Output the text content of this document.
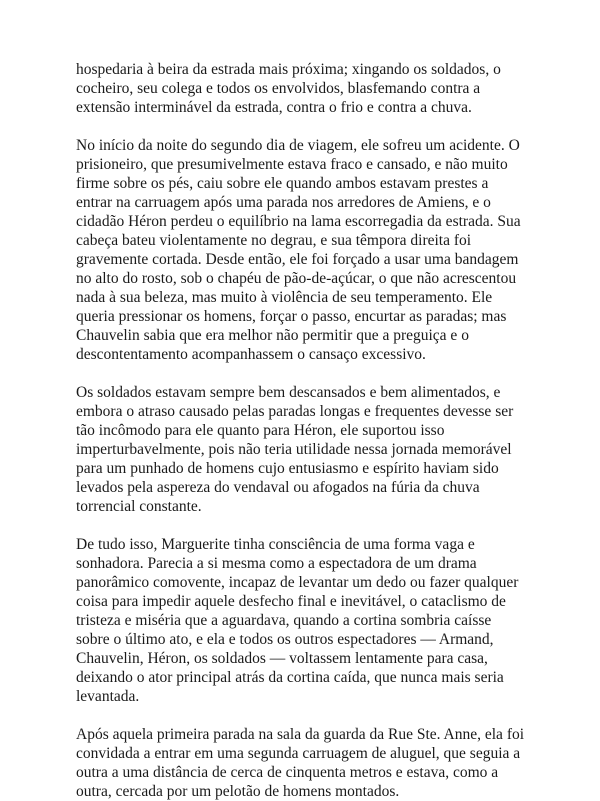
hospedaria à beira da estrada mais próxima; xingando os soldados, o cocheiro, seu colega e todos os envolvidos, blasfemando contra a extensão interminável da estrada, contra o frio e contra a chuva.

No início da noite do segundo dia de viagem, ele sofreu um acidente. O prisioneiro, que presumivelmente estava fraco e cansado, e não muito firme sobre os pés, caiu sobre ele quando ambos estavam prestes a entrar na carruagem após uma parada nos arredores de Amiens, e o cidadão Héron perdeu o equilíbrio na lama escorregadia da estrada. Sua cabeça bateu violentamente no degrau, e sua têmpora direita foi gravemente cortada. Desde então, ele foi forçado a usar uma bandagem no alto do rosto, sob o chapéu de pão-de-açúcar, o que não acrescentou nada à sua beleza, mas muito à violência de seu temperamento. Ele queria pressionar os homens, forçar o passo, encurtar as paradas; mas Chauvelin sabia que era melhor não permitir que a preguiça e o descontentamento acompanhassem o cansaço excessivo.

Os soldados estavam sempre bem descansados e bem alimentados, e embora o atraso causado pelas paradas longas e frequentes devesse ser tão incômodo para ele quanto para Héron, ele suportou isso imperturbavelmente, pois não teria utilidade nessa jornada memorável para um punhado de homens cujo entusiasmo e espírito haviam sido levados pela aspereza do vendaval ou afogados na fúria da chuva torrencial constante.

De tudo isso, Marguerite tinha consciência de uma forma vaga e sonhadora. Parecia a si mesma como a espectadora de um drama panorâmico comovente, incapaz de levantar um dedo ou fazer qualquer coisa para impedir aquele desfecho final e inevitável, o cataclismo de tristeza e miséria que a aguardava, quando a cortina sombria caísse sobre o último ato, e ela e todos os outros espectadores — Armand, Chauvelin, Héron, os soldados — voltassem lentamente para casa, deixando o ator principal atrás da cortina caída, que nunca mais seria levantada.

Após aquela primeira parada na sala da guarda da Rue Ste. Anne, ela foi convidada a entrar em uma segunda carruagem de aluguel, que seguia a outra a uma distância de cerca de cinquenta metros e estava, como a outra, cercada por um pelotão de homens montados.
